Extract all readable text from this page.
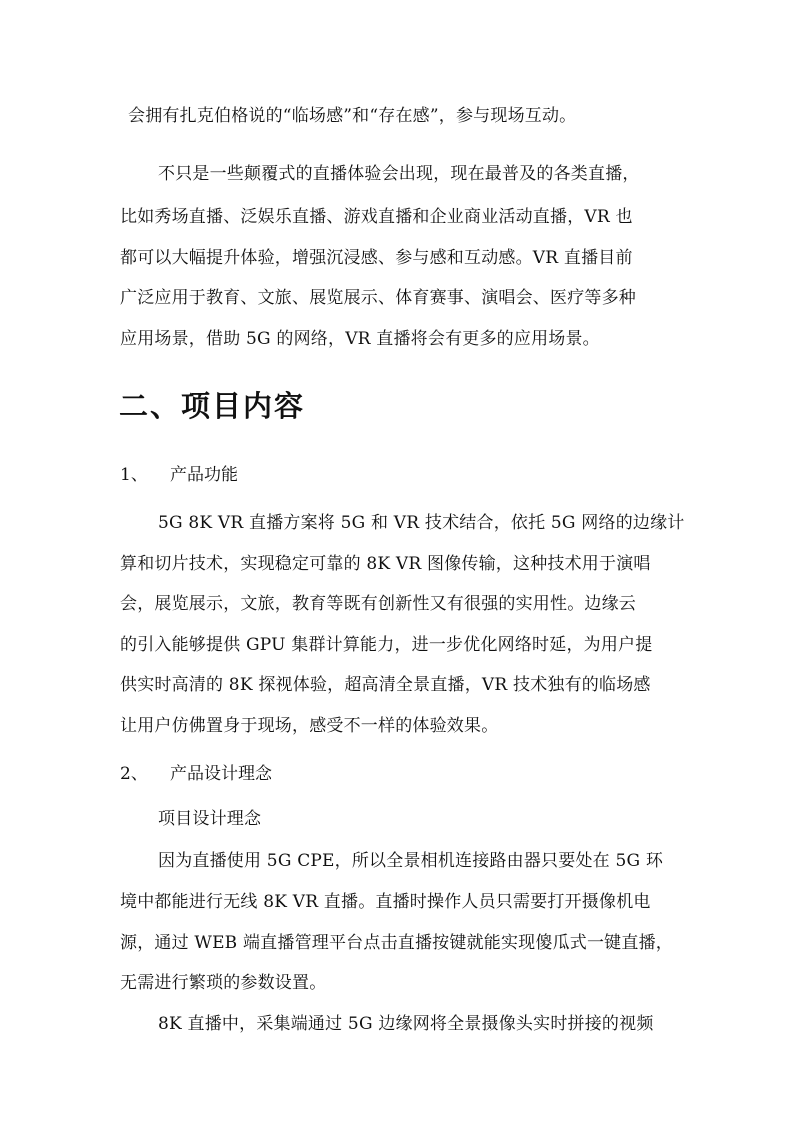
会拥有扎克伯格说的“临场感”和“存在感”，参与现场互动。
不只是一些颠覆式的直播体验会出现，现在最普及的各类直播，
比如秀场直播、泛娱乐直播、游戏直播和企业商业活动直播，VR 也
都可以大幅提升体验，增强沉浸感、参与感和互动感。VR 直播目前
广泛应用于教育、文旅、展览展示、体育赛事、演唱会、医疗等多种
应用场景，借助 5G 的网络，VR 直播将会有更多的应用场景。
二、项目内容
1、 产品功能
5G 8K VR 直播方案将 5G 和 VR 技术结合，依托 5G 网络的边缘计
算和切片技术，实现稳定可靠的 8K VR 图像传输，这种技术用于演唱
会，展览展示，文旅，教育等既有创新性又有很强的实用性。边缘云
的引入能够提供 GPU 集群计算能力，进一步优化网络时延，为用户提
供实时高清的 8K 探视体验，超高清全景直播，VR 技术独有的临场感
让用户仿佛置身于现场，感受不一样的体验效果。
2、 产品设计理念
项目设计理念
因为直播使用 5G CPE，所以全景相机连接路由器只要处在 5G 环
境中都能进行无线 8K VR 直播。直播时操作人员只需要打开摄像机电
源，通过 WEB 端直播管理平台点击直播按键就能实现傻瓜式一键直播，
无需进行繁琐的参数设置。
8K 直播中，采集端通过 5G 边缘网将全景摄像头实时拼接的视频
